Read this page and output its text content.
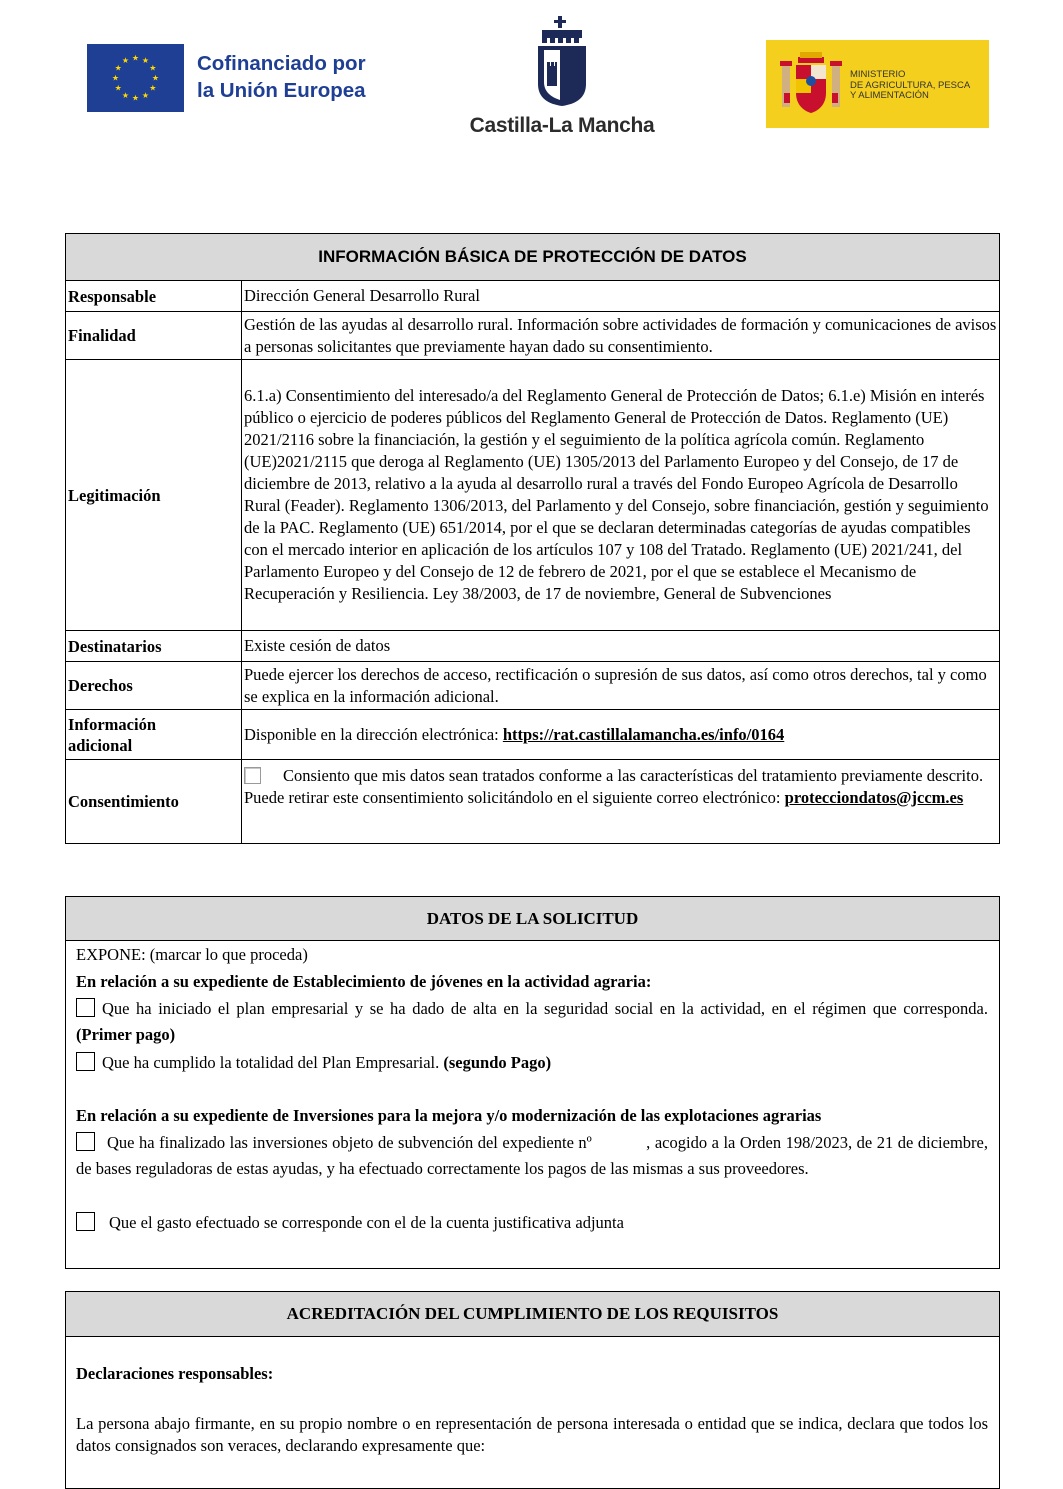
★ ★
★
★
★
★
★
★
★
★
★
★	Cofinanciado por
la Unión Europea
Castilla-La Mancha
MINISTERIO
DE AGRICULTURA, PESCA
Y ALIMENTACIÓN
INFORMACIÓN BÁSICA DE PROTECCIÓN DE DATOS	
Responsable	Dirección General Desarrollo Rural
Finalidad	Gestión de las ayudas al desarrollo rural. Información sobre actividades de formación y comunicaciones de avisos a personas solicitantes que previamente hayan dado su consentimiento.
Legitimación	6.1.a) Consentimiento del interesado/a del Reglamento General de Protección de Datos; 6.1.e) Misión en interés público o ejercicio de poderes públicos del Reglamento General de Protección de Datos. Reglamento (UE) 2021/2116 sobre la financiación, la gestión y el seguimiento de la política agrícola común. Reglamento (UE)2021/2115 que deroga al Reglamento (UE) 1305/2013 del Parlamento Europeo y del Consejo, de 17 de diciembre de 2013, relativo a la ayuda al desarrollo rural a través del Fondo Europeo Agrícola de Desarrollo Rural (Feader). Reglamento 1306/2013, del Parlamento y del Consejo, sobre financiación, gestión y seguimiento de la PAC. Reglamento (UE) 651/2014, por el que se declaran determinadas categorías de ayudas compatibles con el mercado interior en aplicación de los artículos 107 y 108 del Tratado. Reglamento (UE) 2021/241, del Parlamento Europeo y del Consejo de 12 de febrero de 2021, por el que se establece el Mecanismo de Recuperación y Resiliencia. Ley 38/2003, de 17 de noviembre, General de Subvenciones
Destinatarios	Existe cesión de datos
Derechos	Puede ejercer los derechos de acceso, rectificación o supresión de sus datos, así como otros derechos, tal y como se explica en la información adicional.

Información
adicional	Disponible en la dirección electrónica: https://rat.castillalamancha.es/info/0164
Consentimiento	Consiento que mis datos sean tratados conforme a las características del tratamiento previamente descrito. Puede retirar este consentimiento solicitándolo en el siguiente correo electrónico: protecciondatos@jccm.es
DATOS DE LA SOLICITUD
EXPONE: (marcar lo que proceda)
En relación a su expediente de Establecimiento de jóvenes en la actividad agraria:
Que ha iniciado el plan empresarial y se ha dado de alta en la seguridad social en la actividad, en el régimen que corresponda. (Primer pago)
Que ha cumplido la totalidad del Plan Empresarial. (segundo Pago)
En relación a su expediente de Inversiones para la mejora y/o modernización de las explotaciones agrarias
Que ha finalizado las inversiones objeto de subvención del expediente nº            , acogido a la Orden 198/2023, de 21 de diciembre, de bases reguladoras de estas ayudas, y ha efectuado correctamente los pagos de las mismas a sus proveedores.
Que el gasto efectuado se corresponde con el de la cuenta justificativa adjunta
ACREDITACIÓN DEL CUMPLIMIENTO DE LOS REQUISITOS
Declaraciones responsables:
La persona abajo firmante, en su propio nombre o en representación de persona interesada o entidad que se indica, declara que todos los datos consignados son veraces, declarando expresamente que:
